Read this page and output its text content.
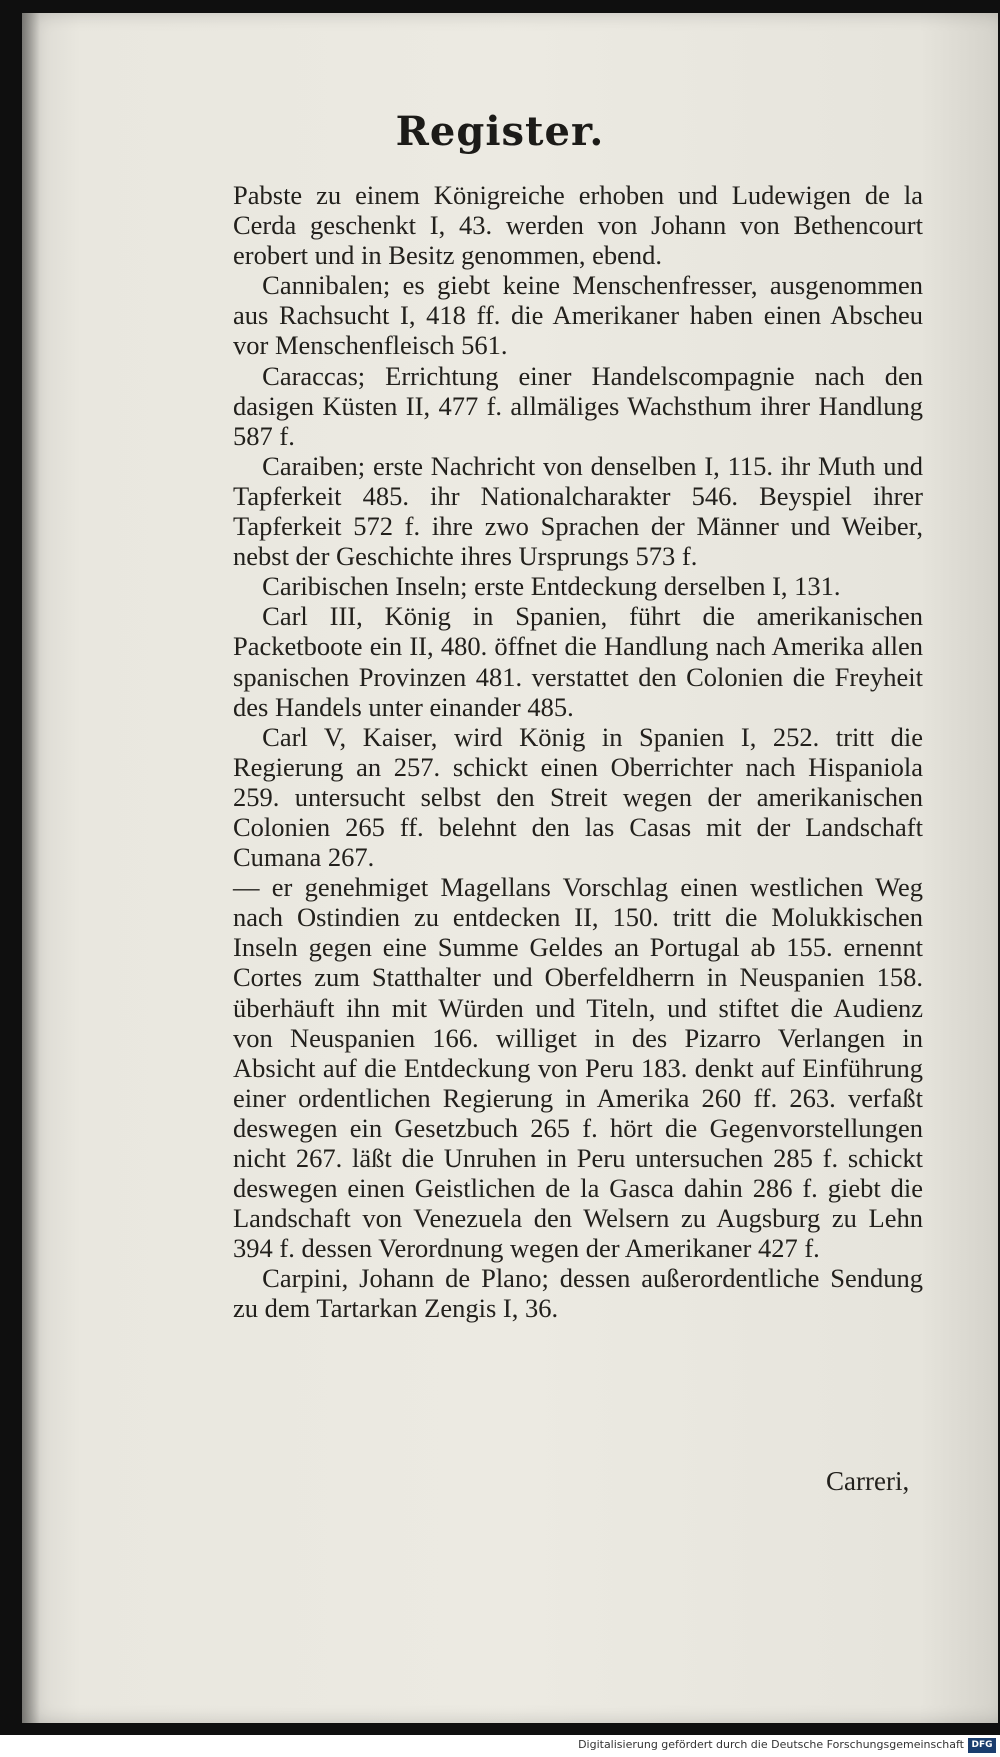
Register.

Pabste zu einem Königreiche erhoben und Ludewigen de la Cerda geschenkt I, 43. werden von Johann von Bethencourt erobert und in Besitz genommen, ebend.

Cannibalen; es giebt keine Menschenfresser, ausgenommen aus Rachsucht I, 418 ff. die Amerikaner haben einen Abscheu vor Menschenfleisch 561.

Caraccas; Errichtung einer Handelscompagnie nach den dasigen Küsten II, 477 f. allmäliges Wachsthum ihrer Handlung 587 f.

Caraiben; erste Nachricht von denselben I, 115. ihr Muth und Tapferkeit 485. ihr Nationalcharakter 546. Beyspiel ihrer Tapferkeit 572 f. ihre zwo Sprachen der Männer und Weiber, nebst der Geschichte ihres Ursprungs 573 f.

Caribischen Inseln; erste Entdeckung derselben I, 131.

Carl III, König in Spanien, führt die amerikanischen Packetboote ein II, 480. öffnet die Handlung nach Amerika allen spanischen Provinzen 481. verstattet den Colonien die Freyheit des Handels unter einander 485.

Carl V, Kaiser, wird König in Spanien I, 252. tritt die Regierung an 257. schickt einen Oberrichter nach Hispaniola 259. untersucht selbst den Streit wegen der amerikanischen Colonien 265 ff. belehnt den las Casas mit der Landschaft Cumana 267.

— er genehmiget Magellans Vorschlag einen westlichen Weg nach Ostindien zu entdecken II, 150. tritt die Molukkischen Inseln gegen eine Summe Geldes an Portugal ab 155. ernennt Cortes zum Statthalter und Oberfeldherrn in Neuspanien 158. überhäuft ihn mit Würden und Titeln, und stiftet die Audienz von Neuspanien 166. williget in des Pizarro Verlangen in Absicht auf die Entdeckung von Peru 183. denkt auf Einführung einer ordentlichen Regierung in Amerika 260 ff. 263. verfaßt deswegen ein Gesetzbuch 265 f. hört die Gegenvorstellungen nicht 267. läßt die Unruhen in Peru untersuchen 285 f. schickt deswegen einen Geistlichen de la Gasca dahin 286 f. giebt die Landschaft von Venezuela den Welsern zu Augsburg zu Lehn 394 f. dessen Verordnung wegen der Amerikaner 427 f.

Carpini, Johann de Plano; dessen außerordentliche Sendung zu dem Tartarkan Zengis I, 36.

Carreri,
Digitalisierung gefördert durch die Deutsche Forschungsgemeinschaft DFG
